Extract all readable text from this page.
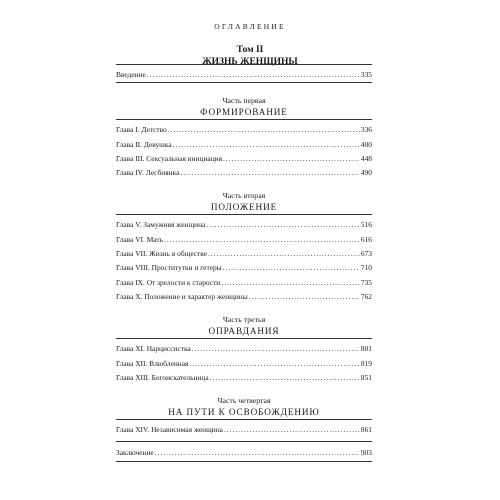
ОГЛАВЛЕНИЕ
Том II
ЖИЗНЬ ЖЕНЩИНЫ
Введение .....	335
Часть первая
ФОРМИРОВАНИЕ
Глава I. Детство .....	336
Глава II. Девушка .....	400
Глава III. Сексуальная инициация .....	448
Глава IV. Лесбиянка .....	490
Часть вторая
ПОЛОЖЕНИЕ
Глава V. Замужняя женщина .....	516
Глава VI. Мать .....	616
Глава VII. Жизнь в обществе .....	673
Глава VIII. Проститутки и гетеры .....	710
Глава IX. От зрелости к старости .....	735
Глава X. Положение и характер женщины .....	762
Часть третья
ОПРАВДАНИЯ
Глава XI. Нарциссистка .....	801
Глава XII. Влюбленная .....	819
Глава XIII. Богоискательница .....	851
Часть четвертая
НА ПУТИ К ОСВОБОЖДЕНИЮ
Глава XIV. Независимая женщина .....	861
Заключение .....	903
